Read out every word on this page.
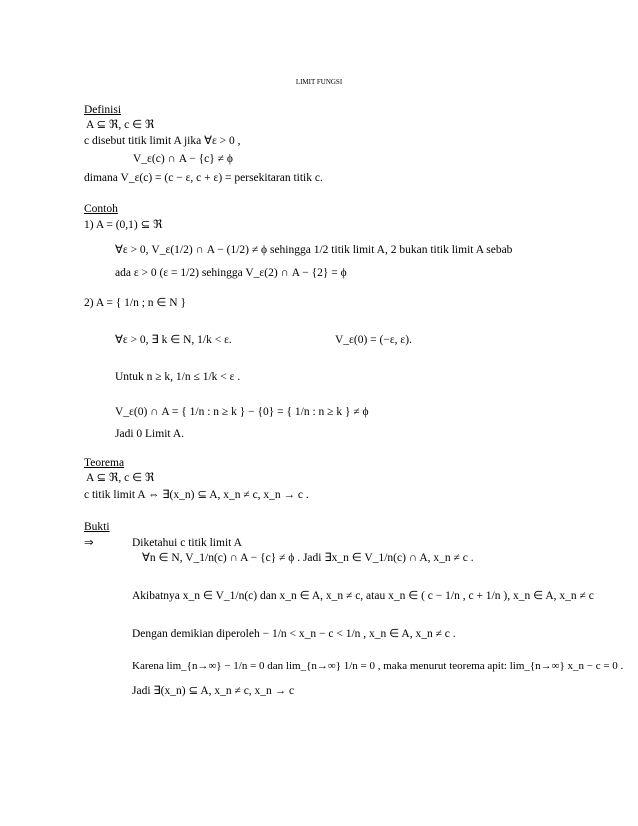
LIMIT FUNGSI
Definisi
A ⊆ ℜ, c ∈ ℜ
c disebut titik limit A jika ∀ε > 0 ,
V_ε(c) ∩ A − {c} ≠ ϕ
dimana V_ε(c) = (c − ε, c + ε) = persekitaran titik c.
Contoh
1) A = (0,1) ⊆ ℜ
∀ε > 0, V_ε(1/2) ∩ A − (1/2) ≠ ϕ sehingga 1/2 titik limit A, 2 bukan titik limit A sebab
ada ε > 0 (ε = 1/2) sehingga V_ε(2) ∩ A − {2} = ϕ
2) A = { 1/n ; n ∈ N }
∀ε > 0, ∃ k ∈ N, 1/k < ε.	V_ε(0) = (−ε, ε).
Untuk n ≥ k, 1/n ≤ 1/k < ε .
V_ε(0) ∩ A = { 1/n : n ≥ k } − {0} = { 1/n : n ≥ k } ≠ ϕ
Jadi 0 Limit A.
Teorema
A ⊆ ℜ, c ∈ ℜ
c titik limit A ⇔ ∃(x_n) ⊆ A, x_n ≠ c, x_n → c .
Bukti
⇒	Diketahui c titik limit A
∀n ∈ N, V_1/n(c) ∩ A − {c} ≠ ϕ . Jadi ∃x_n ∈ V_1/n(c) ∩ A, x_n ≠ c .
Akibatnya x_n ∈ V_1/n(c) dan x_n ∈ A, x_n ≠ c, atau x_n ∈ ( c − 1/n , c + 1/n ), x_n ∈ A, x_n ≠ c
Dengan demikian diperoleh − 1/n < x_n − c < 1/n , x_n ∈ A, x_n ≠ c .
Karena lim_{n→∞} − 1/n = 0 dan lim_{n→∞} 1/n = 0 , maka menurut teorema apit: lim_{n→∞} x_n − c = 0 .
Jadi ∃(x_n) ⊆ A, x_n ≠ c, x_n → c
